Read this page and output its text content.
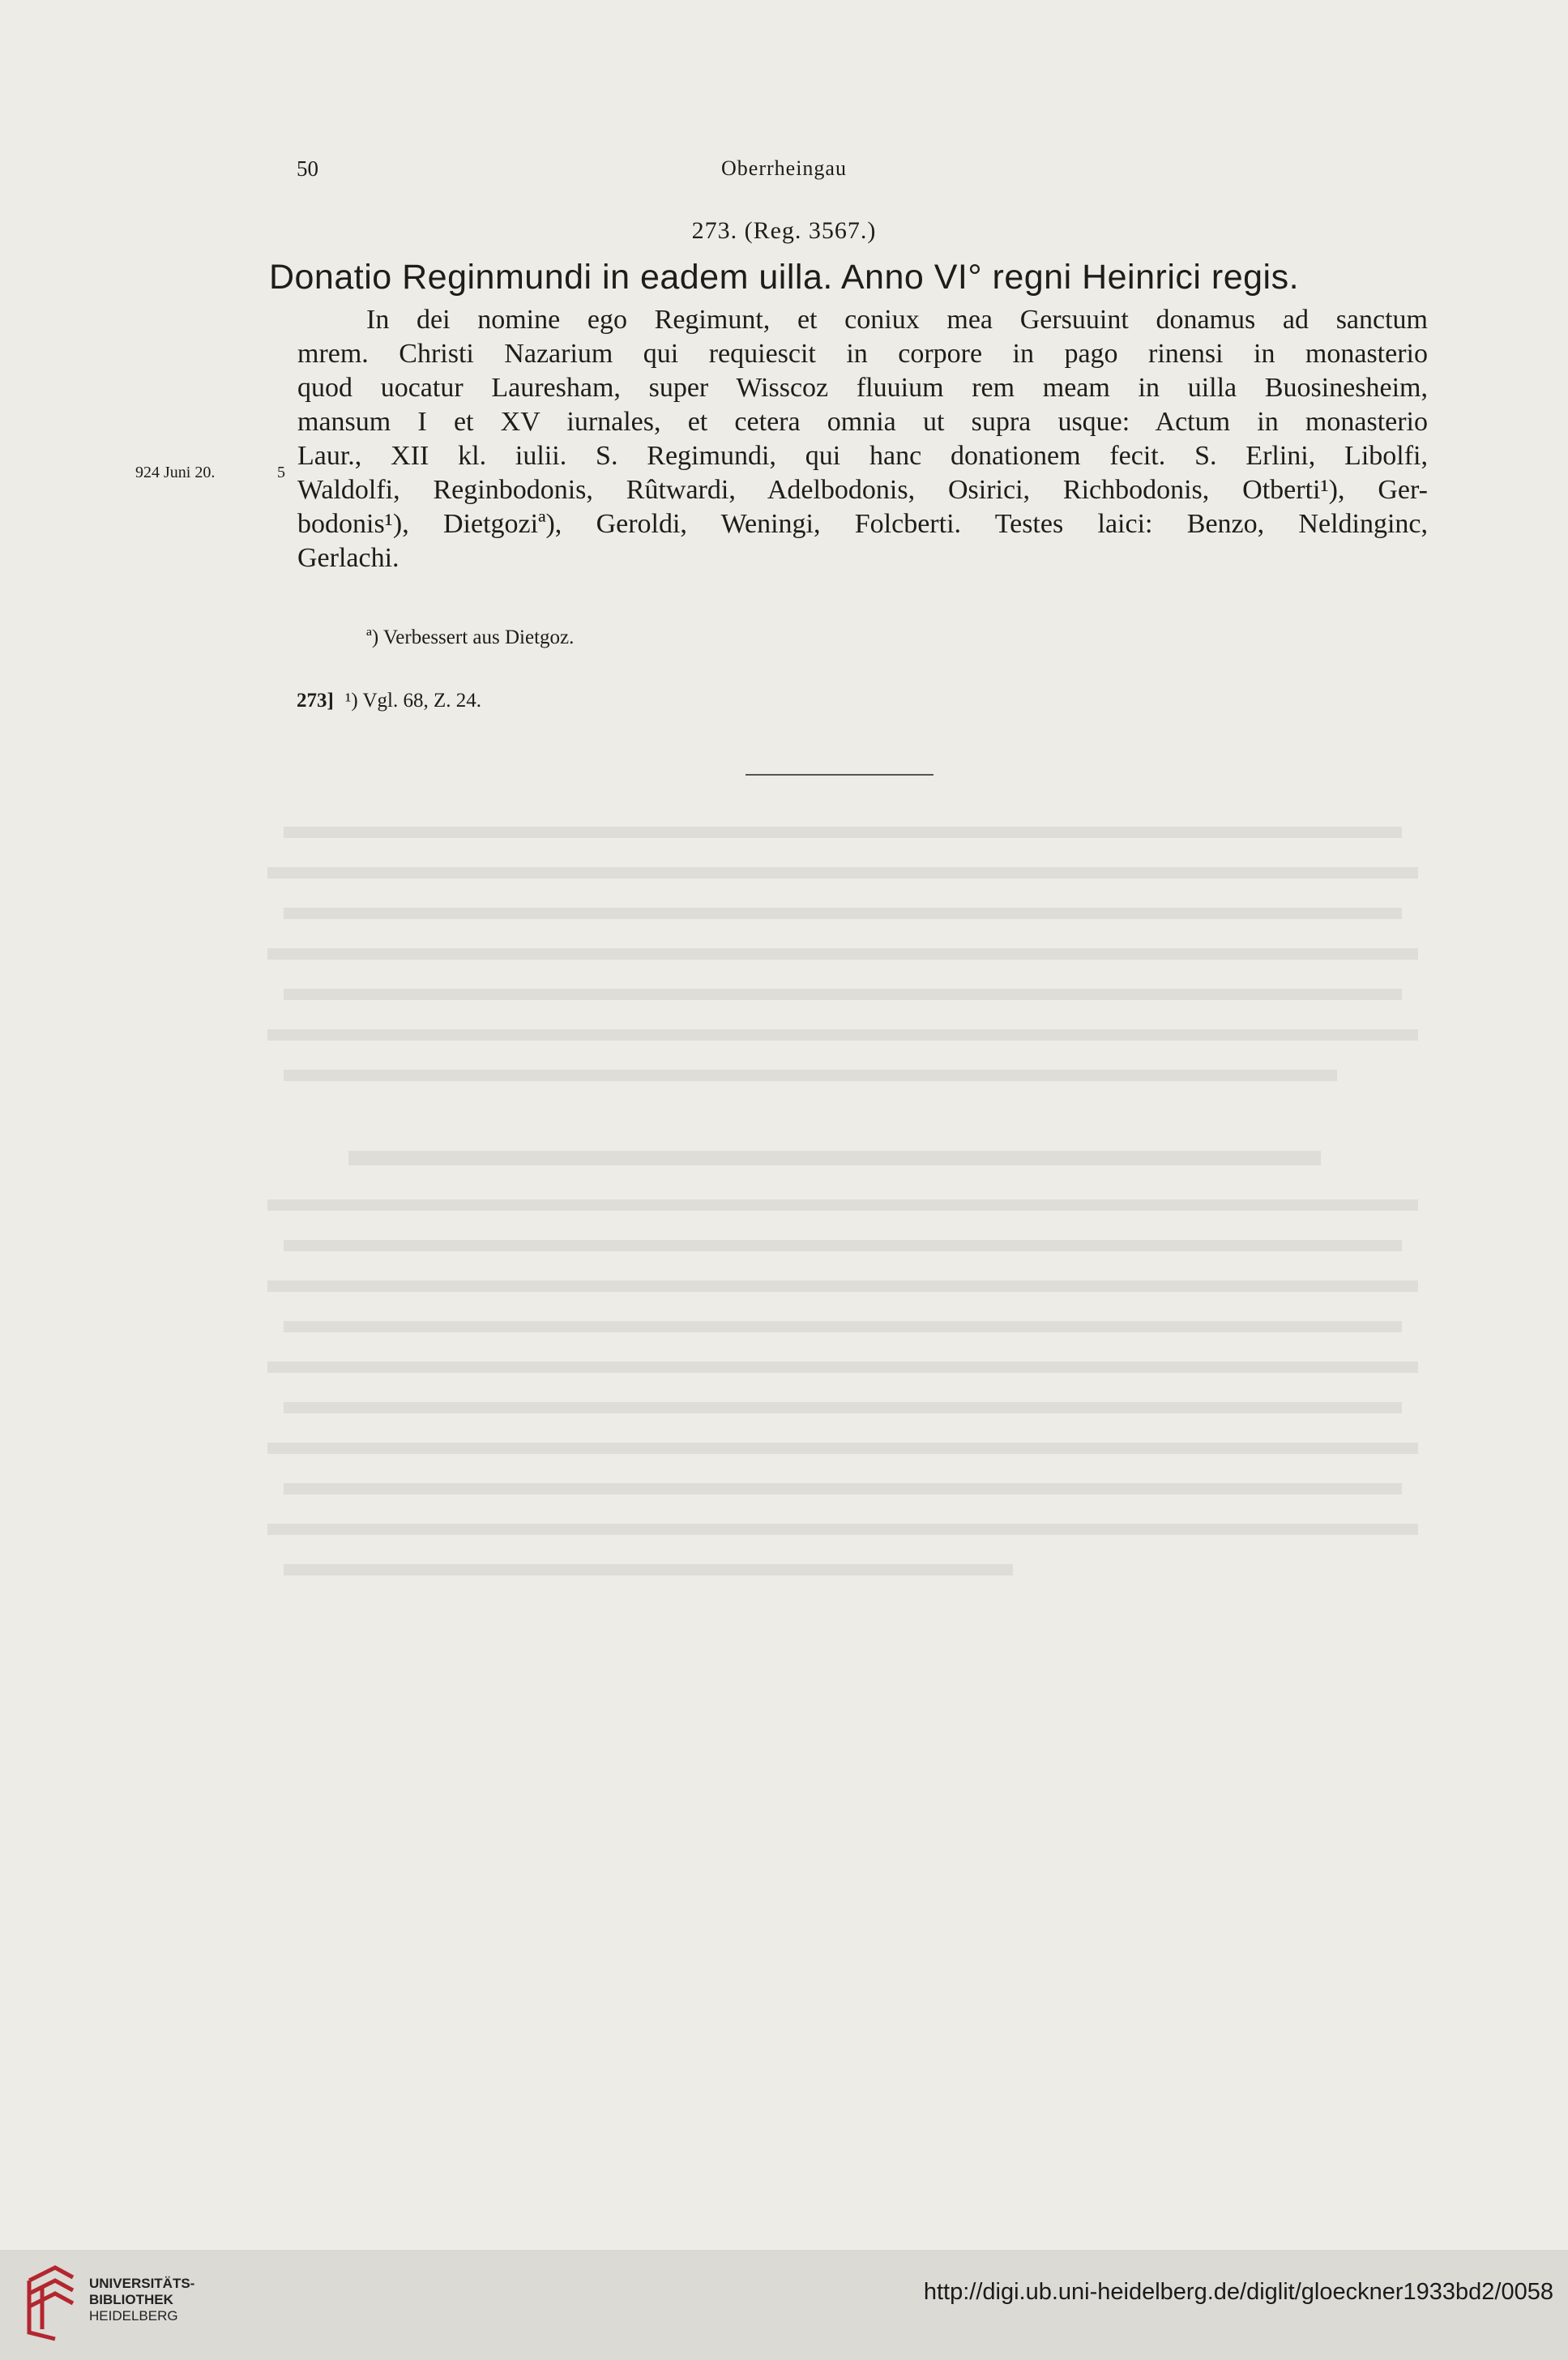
50	Oberrheingau
273. (Reg. 3567.)
Donatio Reginmundi in eadem uilla. Anno VI° regni Heinrici regis.
924 Juni 20.	5
In dei nomine ego Regimunt, et coniux mea Gersuuint donamus ad sanctum
mrem. Christi Nazarium qui requiescit in corpore in pago rinensi in monasterio
quod uocatur Lauresham, super Wisscoz fluuium rem meam in uilla Buosinesheim,
mansum I et XV iurnales, et cetera omnia ut supra usque: Actum in monasterio
Laur., XII kl. iulii. S. Regimundi, qui hanc donationem fecit. S. Erlini, Libolfi,
Waldolfi, Reginbodonis, Rûtwardi, Adelbodonis, Osirici, Richbodonis, Otberti¹), Ger-
bodonis¹), Dietgoziª), Geroldi, Weningi, Folcberti. Testes laici: Benzo, Neldinginc,
Gerlachi.
ª) Verbessert aus Dietgoz.
273] ¹) Vgl. 68, Z. 24.
UNIVERSITÄTS-
BIBLIOTHEK
HEIDELBERG
http://digi.ub.uni-heidelberg.de/diglit/gloeckner1933bd2/0058
